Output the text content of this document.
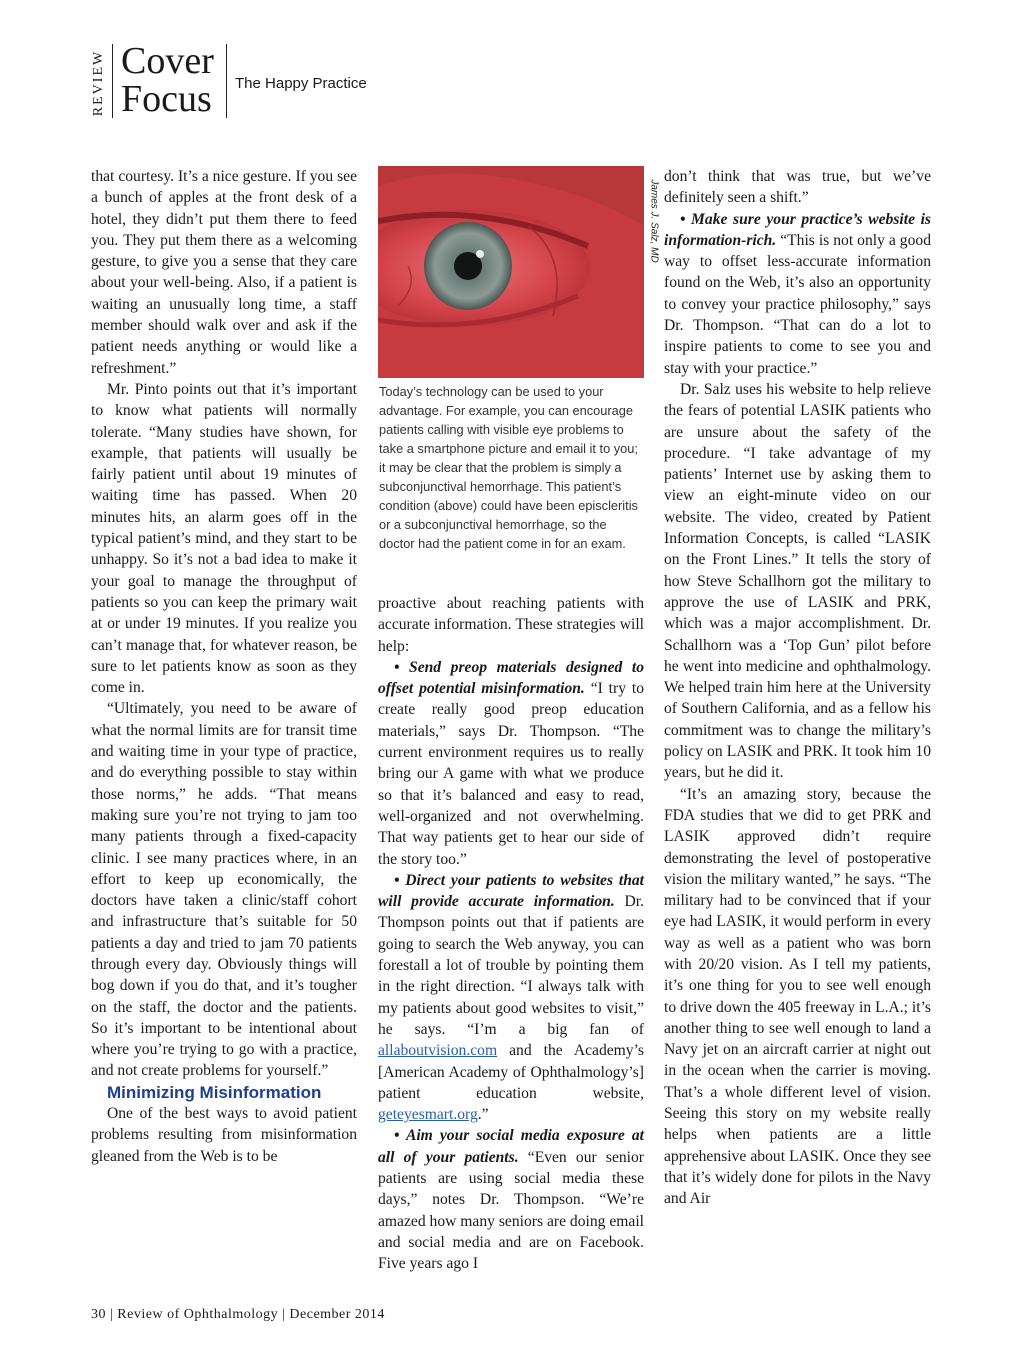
REVIEW Cover
Focus The Happy Practice

that courtesy. It’s a nice gesture. If you see a bunch of apples at the front desk of a hotel, they didn’t put them there to feed you. They put them there as a welcoming gesture, to give you a sense that they care about your well-being. Also, if a patient is waiting an unusually long time, a staff member should walk over and ask if the patient needs anything or would like a refreshment.”

Mr. Pinto points out that it’s important to know what patients will normally tolerate. “Many studies have shown, for example, that patients will usually be fairly patient until about 19 minutes of waiting time has passed. When 20 minutes hits, an alarm goes off in the typical patient’s mind, and they start to be unhappy. So it’s not a bad idea to make it your goal to manage the throughput of patients so you can keep the primary wait at or under 19 minutes. If you realize you can’t manage that, for whatever reason, be sure to let patients know as soon as they come in.

“Ultimately, you need to be aware of what the normal limits are for transit time and waiting time in your type of practice, and do everything possible to stay within those norms,” he adds. “That means making sure you’re not trying to jam too many patients through a fixed-capacity clinic. I see many practices where, in an effort to keep up economically, the doctors have taken a clinic/staff cohort and infrastructure that’s suitable for 50 patients a day and tried to jam 70 patients through every day. Obviously things will bog down if you do that, and it’s tougher on the staff, the doctor and the patients. So it’s important to be intentional about where you’re trying to go with a practice, and not create problems for yourself.”

Minimizing Misinformation

One of the best ways to avoid patient problems resulting from misinformation gleaned from the Web is to be

James J. Salz, MD
Today’s technology can be used to your advantage. For example, you can encourage patients calling with visible eye problems to take a smartphone picture and email it to you; it may be clear that the problem is simply a subconjunctival hemorrhage. This patient’s condition (above) could have been episcleritis or a subconjunctival hemorrhage, so the doctor had the patient come in for an exam.

proactive about reaching patients with accurate information. These strategies will help:

• Send preop materials designed to offset potential misinformation. “I try to create really good preop education materials,” says Dr. Thompson. “The current environment requires us to really bring our A game with what we produce so that it’s balanced and easy to read, well-organized and not overwhelming. That way patients get to hear our side of the story too.”

• Direct your patients to websites that will provide accurate information. Dr. Thompson points out that if patients are going to search the Web anyway, you can forestall a lot of trouble by pointing them in the right direction. “I always talk with my patients about good websites to visit,” he says. “I’m a big fan of allaboutvision.com and the Academy’s [American Academy of Ophthalmology’s] patient education website, geteyesmart.org.”

• Aim your social media exposure at all of your patients. “Even our senior patients are using social media these days,” notes Dr. Thompson. “We’re amazed how many seniors are doing email and social media and are on Facebook. Five years ago I

don’t think that was true, but we’ve definitely seen a shift.”

• Make sure your practice’s website is information-rich. “This is not only a good way to offset less-accurate information found on the Web, it’s also an opportunity to convey your practice philosophy,” says Dr. Thompson. “That can do a lot to inspire patients to come to see you and stay with your practice.”

Dr. Salz uses his website to help relieve the fears of potential LASIK patients who are unsure about the safety of the procedure. “I take advantage of my patients’ Internet use by asking them to view an eight-minute video on our website. The video, created by Patient Information Concepts, is called “LASIK on the Front Lines.” It tells the story of how Steve Schallhorn got the military to approve the use of LASIK and PRK, which was a major accomplishment. Dr. Schallhorn was a ‘Top Gun’ pilot before he went into medicine and ophthalmology. We helped train him here at the University of Southern California, and as a fellow his commitment was to change the military’s policy on LASIK and PRK. It took him 10 years, but he did it.

“It’s an amazing story, because the FDA studies that we did to get PRK and LASIK approved didn’t require demonstrating the level of postoperative vision the military wanted,” he says. “The military had to be convinced that if your eye had LASIK, it would perform in every way as well as a patient who was born with 20/20 vision. As I tell my patients, it’s one thing for you to see well enough to drive down the 405 freeway in L.A.; it’s another thing to see well enough to land a Navy jet on an aircraft carrier at night out in the ocean when the carrier is moving. That’s a whole different level of vision. Seeing this story on my website really helps when patients are a little apprehensive about LASIK. Once they see that it’s widely done for pilots in the Navy and Air

30 | Review of Ophthalmology | December 2014
